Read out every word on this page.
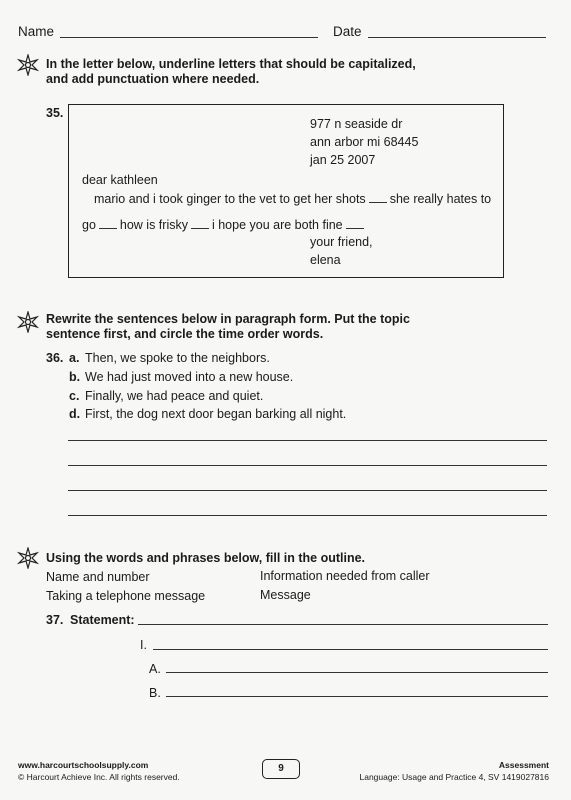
Name	Date
In the letter below, underline letters that should be capitalized,
and add punctuation where needed.
35.
977 n seaside dr
ann arbor mi 68445
jan 25 2007
dear kathleen
mario and i took ginger to the vet to get her shots she really hates to
go how is frisky i hope you are both fine
your friend,
elena
Rewrite the sentences below in paragraph form. Put the topic
sentence first, and circle the time order words.
36. a. Then, we spoke to the neighbors.
b. We had just moved into a new house.
c. Finally, we had peace and quiet.
d. First, the dog next door began barking all night.
Using the words and phrases below, fill in the outline.
Name and number	Information needed from caller
Taking a telephone message	Message
37. Statement:
I.
A.
B.
www.harcourtschoolsupply.com
© Harcourt Achieve Inc. All rights reserved.
9	Assessment
Language: Usage and Practice 4, SV 1419027816
